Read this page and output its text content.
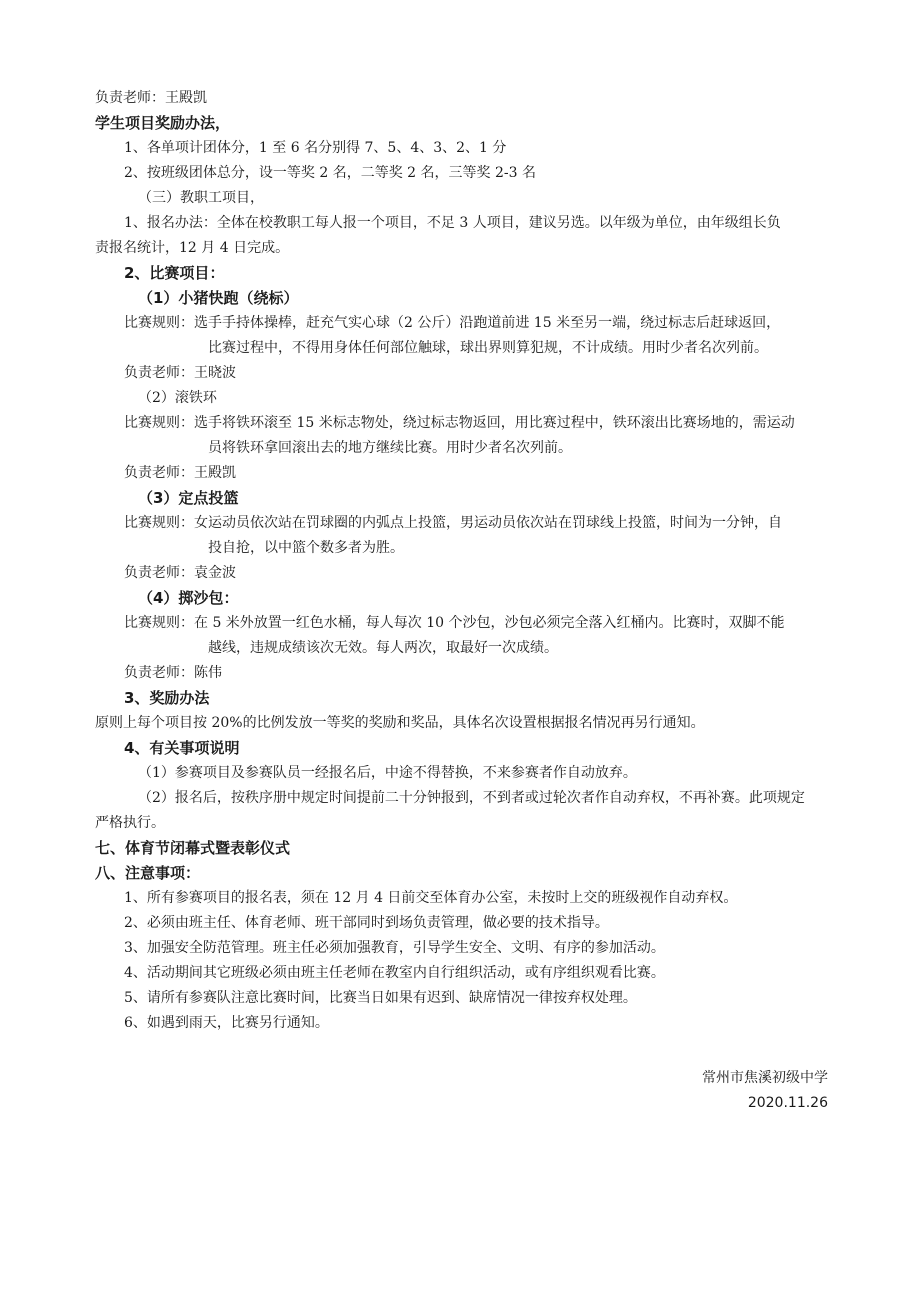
负责老师：王殿凯
学生项目奖励办法，
1、各单项计团体分，1 至 6 名分别得 7、5、4、3、2、1 分
2、按班级团体总分，设一等奖 2 名，二等奖 2 名，三等奖 2-3 名
（三）教职工项目，
1、报名办法：全体在校教职工每人报一个项目，不足 3 人项目，建议另选。以年级为单位，由年级组长负
责报名统计，12 月 4 日完成。
2、比赛项目：
（1）小猪快跑（绕标）
比赛规则：选手手持体操棒，赶充气实心球（2 公斤）沿跑道前进 15 米至另一端，绕过标志后赶球返回，
比赛过程中，不得用身体任何部位触球，球出界则算犯规，不计成绩。用时少者名次列前。
负责老师：王晓波
（2）滚铁环
比赛规则：选手将铁环滚至 15 米标志物处，绕过标志物返回，用比赛过程中，铁环滚出比赛场地的，需运动
员将铁环拿回滚出去的地方继续比赛。用时少者名次列前。
负责老师：王殿凯
（3）定点投篮
比赛规则：女运动员依次站在罚球圈的内弧点上投篮，男运动员依次站在罚球线上投篮，时间为一分钟，自
投自抢，以中篮个数多者为胜。
负责老师：袁金波
（4）掷沙包：
比赛规则：在 5 米外放置一红色水桶，每人每次 10 个沙包，沙包必须完全落入红桶内。比赛时，双脚不能
越线，违规成绩该次无效。每人两次，取最好一次成绩。
负责老师：陈伟
3、奖励办法
原则上每个项目按 20%的比例发放一等奖的奖励和奖品，具体名次设置根据报名情况再另行通知。
4、有关事项说明
（1）参赛项目及参赛队员一经报名后，中途不得替换，不来参赛者作自动放弃。
（2）报名后，按秩序册中规定时间提前二十分钟报到，不到者或过轮次者作自动弃权，不再补赛。此项规定
严格执行。
七、体育节闭幕式暨表彰仪式
八、注意事项：
1、所有参赛项目的报名表，须在 12 月 4 日前交至体育办公室，未按时上交的班级视作自动弃权。
2、必须由班主任、体育老师、班干部同时到场负责管理，做必要的技术指导。
3、加强安全防范管理。班主任必须加强教育，引导学生安全、文明、有序的参加活动。
4、活动期间其它班级必须由班主任老师在教室内自行组织活动，或有序组织观看比赛。
5、请所有参赛队注意比赛时间，比赛当日如果有迟到、缺席情况一律按弃权处理。
6、如遇到雨天，比赛另行通知。
常州市焦溪初级中学
2020.11.26
